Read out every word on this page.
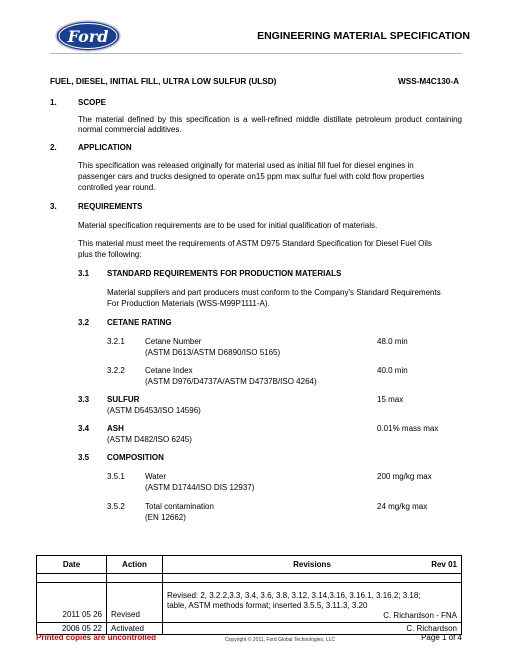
Ford	ENGINEERING MATERIAL SPECIFICATION
FUEL, DIESEL, INITIAL FILL, ULTRA LOW SULFUR (ULSD)	WSS-M4C130-A
1.	SCOPE
The material defined by this specification is a well-refined middle distillate petroleum product containing normal commercial additives.
2.	APPLICATION
This specification was released originally for material used as initial fill fuel for diesel engines in
passenger cars and trucks designed to operate on15 ppm max sulfur fuel with cold flow properties
controlled year round.
3.	REQUIREMENTS
Material specification requirements are to be used for initial qualification of materials.
This material must meet the requirements of ASTM D975 Standard Specification for Diesel Fuel Oils
plus the following:
3.1 STANDARD REQUIREMENTS FOR PRODUCTION MATERIALS
Material suppliers and part producers must conform to the Company's Standard Requirements
For Production Materials (WSS-M99P1111-A).
3.2 CETANE RATING
3.2.1	Cetane Number
(ASTM D613/ASTM D6890/ISO 5165)
48.0 min
3.2.2	Cetane Index
(ASTM D976/D4737A/ASTM D4737B/ISO 4264)
40.0 min
3.3 SULFUR
(ASTM D5453/ISO 14596)
15 max
3.4 ASH
(ASTM D482/ISO 6245)
0.01% mass max
3.5 COMPOSITION
3.5.1	Water
(ASTM D1744/ISO DIS 12937)
200 mg/kg max
3.5.2	Total contamination
(EN 12662)
24 mg/kg max
Date	Action	Revisions Rev 01

2011 05 26	Revised	Revised: 2, 3.2.2,3.3, 3.4, 3.6, 3.8, 3.12, 3.14,3.16, 3.16.1, 3.16.2; 3.18;
table, ASTM methods format; inserted 3.5.5, 3.11.3, 3.20
C. Richardson - FNA

2006 05 22	Activated	C. Richardson
Printed copies are uncontrolled	Copyright © 2011, Ford Global Technologies, LLC	Page 1 of 4
